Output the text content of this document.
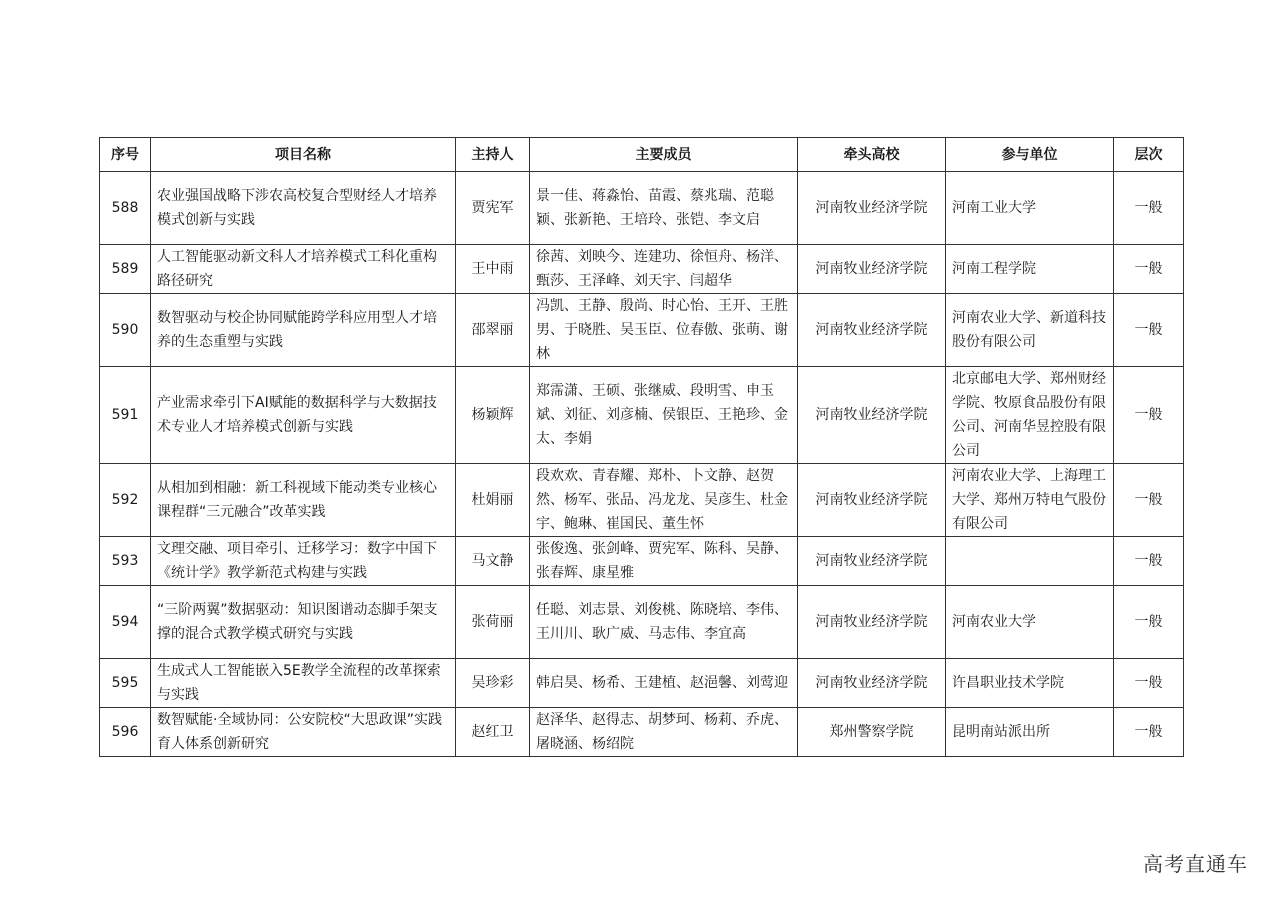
序号	项目名称	主持人	主要成员	牵头高校	参与单位	层次
588	农业强国战略下涉农高校复合型财经人才培养模式创新与实践	贾宪军	景一佳、蒋淼怡、苗霞、蔡兆瑞、范聪颖、张新艳、王培玲、张铠、李文启	河南牧业经济学院	河南工业大学	一般
589	人工智能驱动新文科人才培养模式工科化重构路径研究	王中雨	徐茜、刘映今、连建功、徐恒舟、杨洋、甄莎、王泽峰、刘天宇、闫超华	河南牧业经济学院	河南工程学院	一般
590	数智驱动与校企协同赋能跨学科应用型人才培养的生态重塑与实践	邵翠丽	冯凯、王静、殷尚、时心怡、王开、王胜男、于晓胜、吴玉臣、位春傲、张萌、谢林	河南牧业经济学院	河南农业大学、新道科技股份有限公司	一般
591	产业需求牵引下AI赋能的数据科学与大数据技术专业人才培养模式创新与实践	杨颖辉	郑霈潇、王硕、张继威、段明雪、申玉斌、刘征、刘彦楠、侯银臣、王艳珍、金太、李娟	河南牧业经济学院	北京邮电大学、郑州财经学院、牧原食品股份有限公司、河南华昱控股有限公司	一般
592	从相加到相融：新工科视域下能动类专业核心课程群“三元融合”改革实践	杜娟丽	段欢欢、青春耀、郑朴、卜文静、赵贺然、杨军、张品、冯龙龙、吴彦生、杜金宇、鲍琳、崔国民、董生怀	河南牧业经济学院	河南农业大学、上海理工大学、郑州万特电气股份有限公司	一般
593	文理交融、项目牵引、迁移学习：数字中国下《统计学》教学新范式构建与实践	马文静	张俊逸、张剑峰、贾宪军、陈科、吴静、张春辉、康星雅	河南牧业经济学院		一般
594	“三阶两翼”数据驱动：知识图谱动态脚手架支撑的混合式教学模式研究与实践	张荷丽	任聪、刘志景、刘俊桃、陈晓培、李伟、王川川、耿广威、马志伟、李宜高	河南牧业经济学院	河南农业大学	一般
595	生成式人工智能嵌入5E教学全流程的改革探索与实践	吴珍彩	韩启昊、杨希、王建植、赵浥馨、刘莺迎	河南牧业经济学院	许昌职业技术学院	一般
596	数智赋能·全域协同：公安院校“大思政课”实践育人体系创新研究	赵红卫	赵泽华、赵得志、胡梦珂、杨莉、乔虎、屠晓涵、杨绍院	郑州警察学院	昆明南站派出所	一般
高考直通车
